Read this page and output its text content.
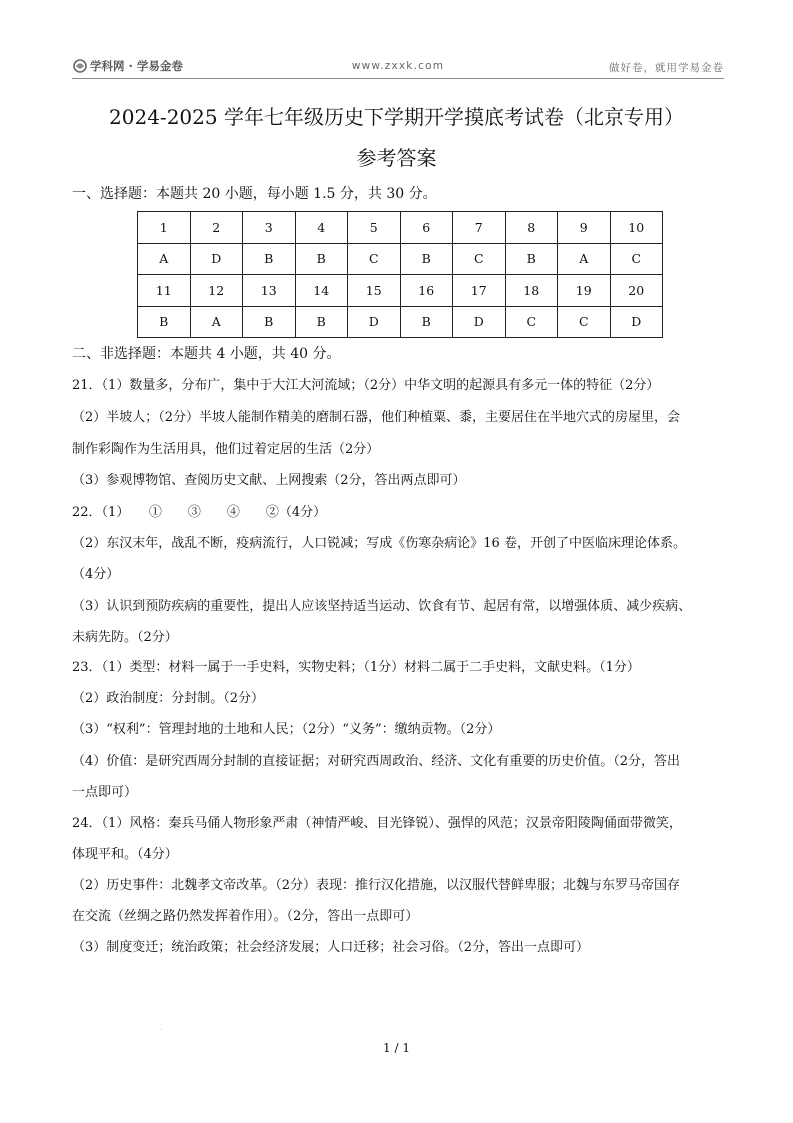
学科网 · 学易金卷	www.zxxk.com	做好卷，就用学易金卷
2024-2025 学年七年级历史下学期开学摸底考试卷（北京专用）
参考答案
一、选择题：本题共 20 小题，每小题 1.5 分，共 30 分。
1	2	3	4	5	6	7	8	9	10
A	D	B	B	C	B	C	B	A	C
11	12	13	14	15	16	17	18	19	20
B	A	B	B	D	B	D	C	C	D
二、非选择题：本题共 4 小题，共 40 分。
21．（1）数量多，分布广，集中于大江大河流域；（2分）中华文明的起源具有多元一体的特征（2分）
（2）半坡人；（2分）半坡人能制作精美的磨制石器，他们种植粟、黍，主要居住在半地穴式的房屋里，会
制作彩陶作为生活用具，他们过着定居的生活（2分）
（3）参观博物馆、查阅历史文献、上网搜索（2分，答出两点即可）
22．（1）　　①　　③　　④　　②（4分）
（2）东汉末年，战乱不断，疫病流行，人口锐减；写成《伤寒杂病论》16 卷，开创了中医临床理论体系。
（4分）
（3）认识到预防疾病的重要性，提出人应该坚持适当运动、饮食有节、起居有常，以增强体质、减少疾病、
未病先防。（2分）
23．（1）类型：材料一属于一手史料，实物史料；（1分）材料二属于二手史料，文献史料。（1分）
（2）政治制度：分封制。（2分）
（3）“权利”：管理封地的土地和人民；（2分）“义务”：缴纳贡物。（2分）
（4）价值：是研究西周分封制的直接证据；对研究西周政治、经济、文化有重要的历史价值。（2分，答出
一点即可）
24．（1）风格：秦兵马俑人物形象严肃（神情严峻、目光锋锐）、强悍的风范；汉景帝阳陵陶俑面带微笑，
体现平和。（4分）
（2）历史事件：北魏孝文帝改革。（2分）表现：推行汉化措施，以汉服代替鲜卑服；北魏与东罗马帝国存
在交流（丝绸之路仍然发挥着作用）。（2分，答出一点即可）
（3）制度变迁；统治政策；社会经济发展；人口迁移；社会习俗。（2分，答出一点即可）
·
1 / 1
